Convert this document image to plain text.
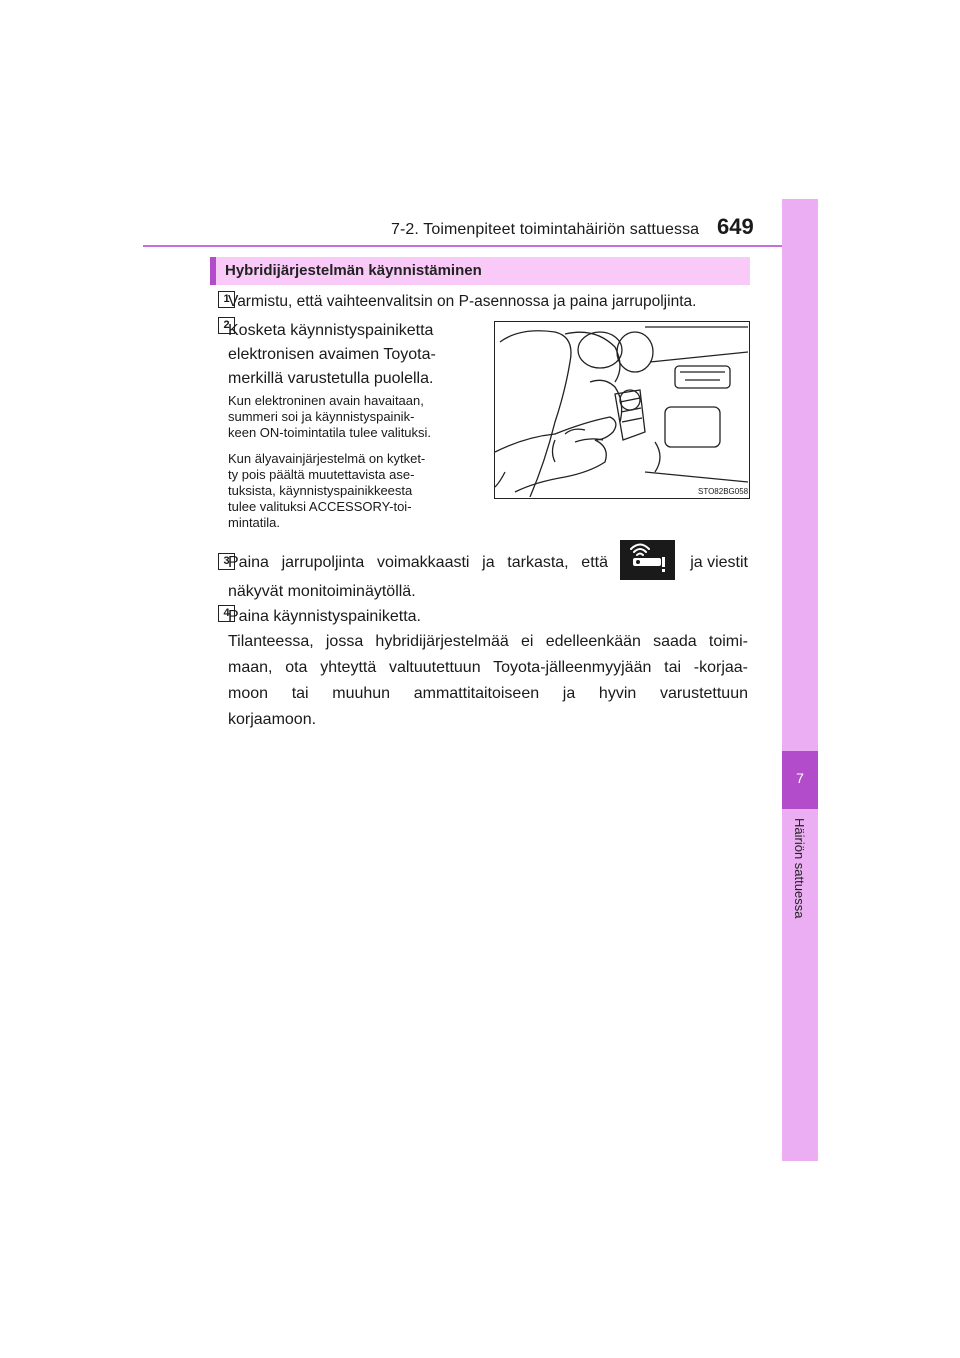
7-2. Toimenpiteet toimintahäiriön sattuessa 649
7
Häiriön sattuessa
Hybridijärjestelmän käynnistäminen
1
Varmistu, että vaihteenvalitsin on P-asennossa ja paina jarrupoljinta.
2
Kosketa käynnistyspainiketta
elektronisen avaimen Toyota-
merkillä varustetulla puolella.
Kun elektroninen avain havaitaan,
summeri soi ja käynnistyspainik-
keen ON-toimintatila tulee valituksi.
Kun älyavainjärjestelmä on kytket-
ty pois päältä muutettavista ase-
tuksista, käynnistyspainikkeesta
tulee valituksi ACCESSORY-toi-
mintatila.
STO82BG058
3
Paina jarrupoljinta voimakkaasti ja tarkasta, että	ja viestit
näkyvät monitoiminäytöllä.
4
Paina käynnistyspainiketta.
Tilanteessa, jossa hybridijärjestelmää ei edelleenkään saada toimi-
maan, ota yhteyttä valtuutettuun Toyota-jälleenmyyjään tai -korjaa-
moon tai muuhun ammattitaitoiseen ja hyvin varustettuun
korjaamoon.
